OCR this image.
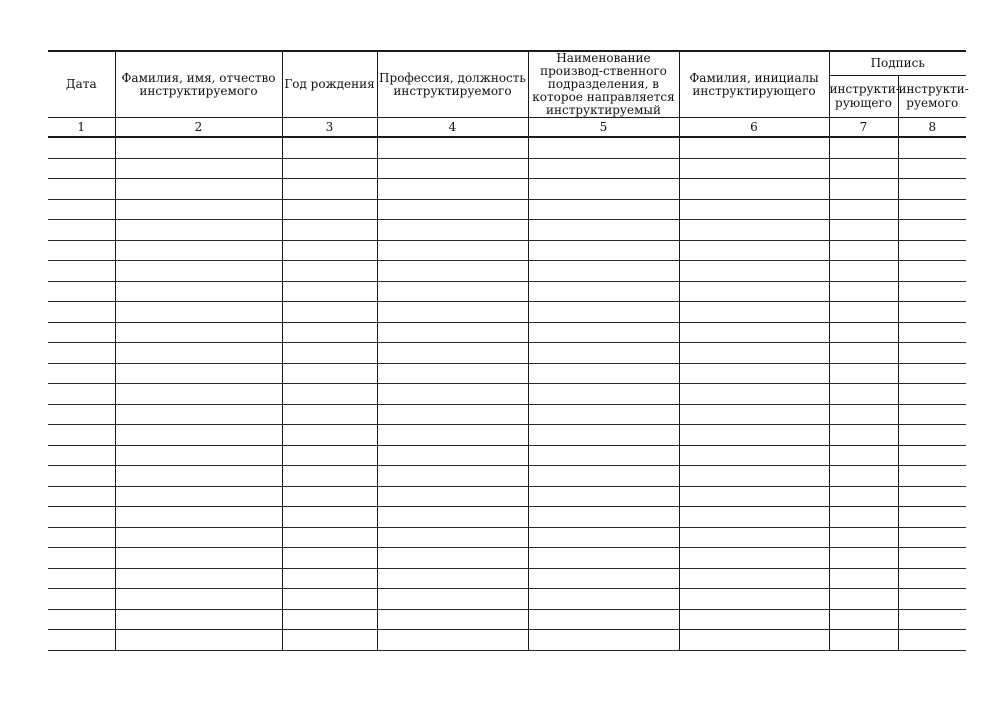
Дата	Фамилия, имя, отчество инструктируемого	Год рождения	Профессия, должность инструктируемого	Наименование производ-ственного подразделения, в которое направляется инструктируемый	Фамилия, инициалы инструктирующего	Подпись	

						инструкти-рующего	инструкти-руемого

1	2	3	4	5	6	7	8
